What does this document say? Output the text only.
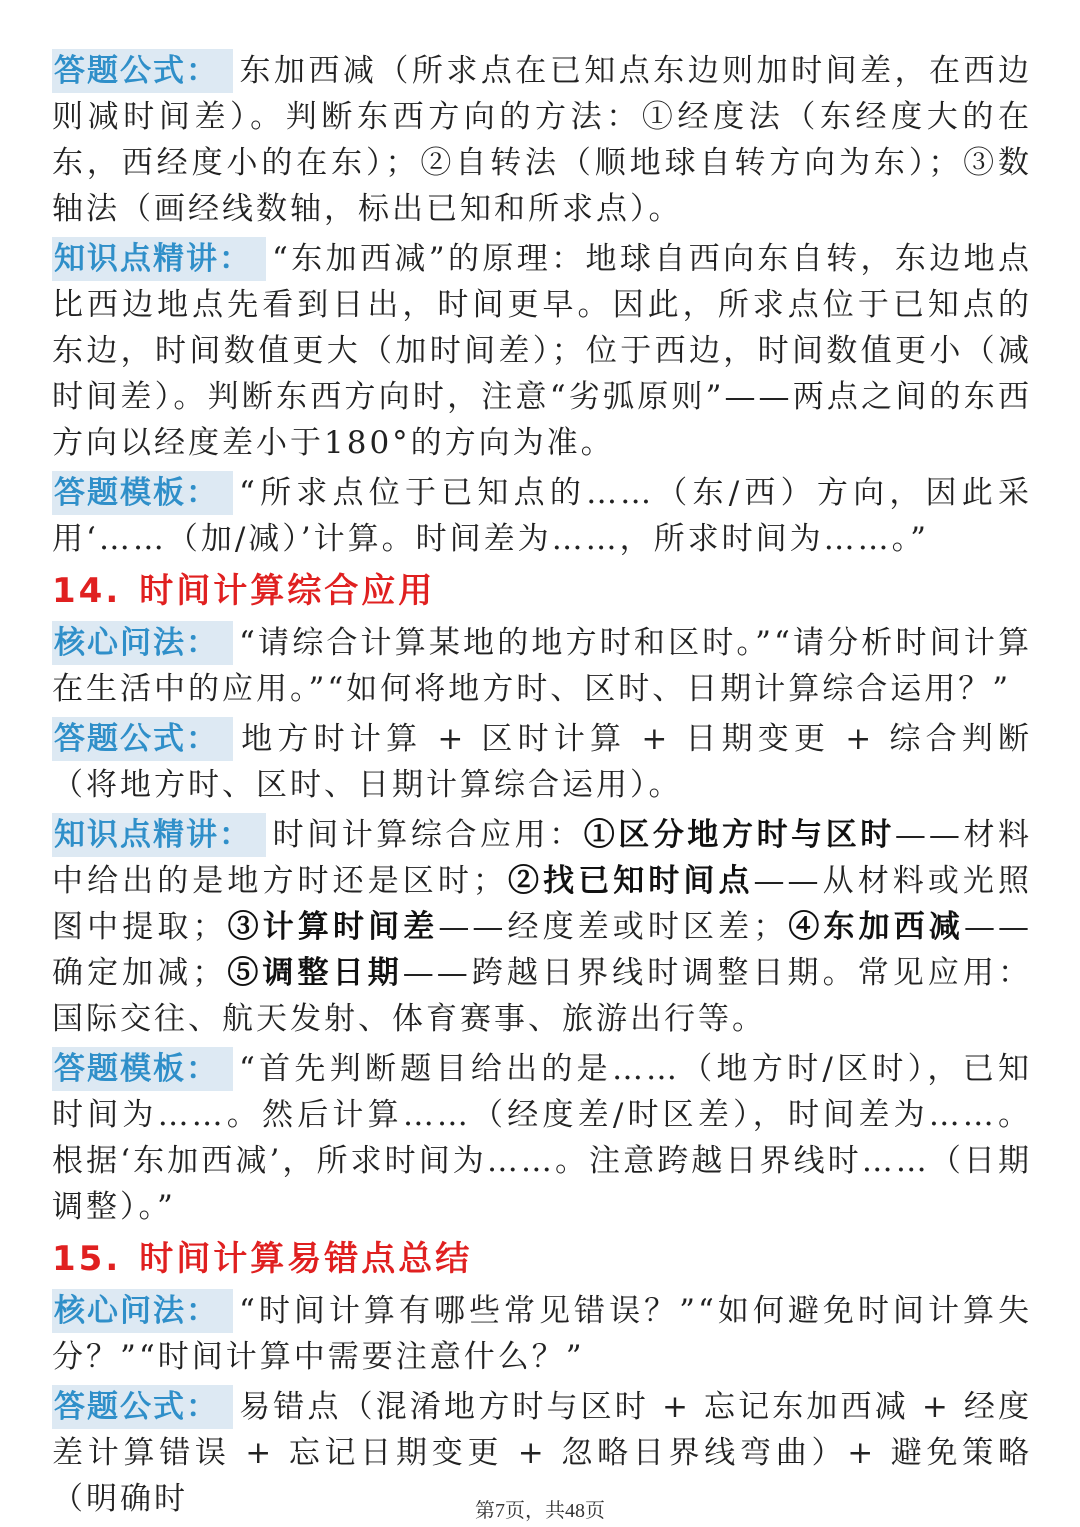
答题公式： 东加西减（所求点在已知点东边则加时间差，在西边则减时间差）。判断东西方向的方法：①经度法（东经度大的在东，西经度小的在东）；②自转法（顺地球自转方向为东）；③数轴法（画经线数轴，标出已知和所求点）。

知识点精讲： “东加西减”的原理：地球自西向东自转，东边地点比西边地点先看到日出，时间更早。因此，所求点位于已知点的东边，时间数值更大（加时间差）；位于西边，时间数值更小（减时间差）。判断东西方向时，注意“劣弧原则”——两点之间的东西方向以经度差小于180°的方向为准。

答题模板： “所求点位于已知点的……（东/西）方向，因此采用‘……（加/减）’计算。时间差为……，所求时间为……。”

14. 时间计算综合应用

核心问法： “请综合计算某地的地方时和区时。”“请分析时间计算在生活中的应用。”“如何将地方时、区时、日期计算综合运用？”

答题公式： 地方时计算 + 区时计算 + 日期变更 + 综合判断（将地方时、区时、日期计算综合运用）。

知识点精讲： 时间计算综合应用：①区分地方时与区时——材料中给出的是地方时还是区时；②找已知时间点——从材料或光照图中提取；③计算时间差——经度差或时区差；④东加西减——确定加减；⑤调整日期——跨越日界线时调整日期。常见应用：国际交往、航天发射、体育赛事、旅游出行等。

答题模板： “首先判断题目给出的是……（地方时/区时），已知时间为……。然后计算……（经度差/时区差），时间差为……。根据‘东加西减’，所求时间为……。注意跨越日界线时……（日期调整）。”

15. 时间计算易错点总结

核心问法： “时间计算有哪些常见错误？”“如何避免时间计算失分？”“时间计算中需要注意什么？”

答题公式： 易错点（混淆地方时与区时 + 忘记东加西减 + 经度差计算错误 + 忘记日期变更 + 忽略日界线弯曲）+ 避免策略（明确时	第7页，共48页
